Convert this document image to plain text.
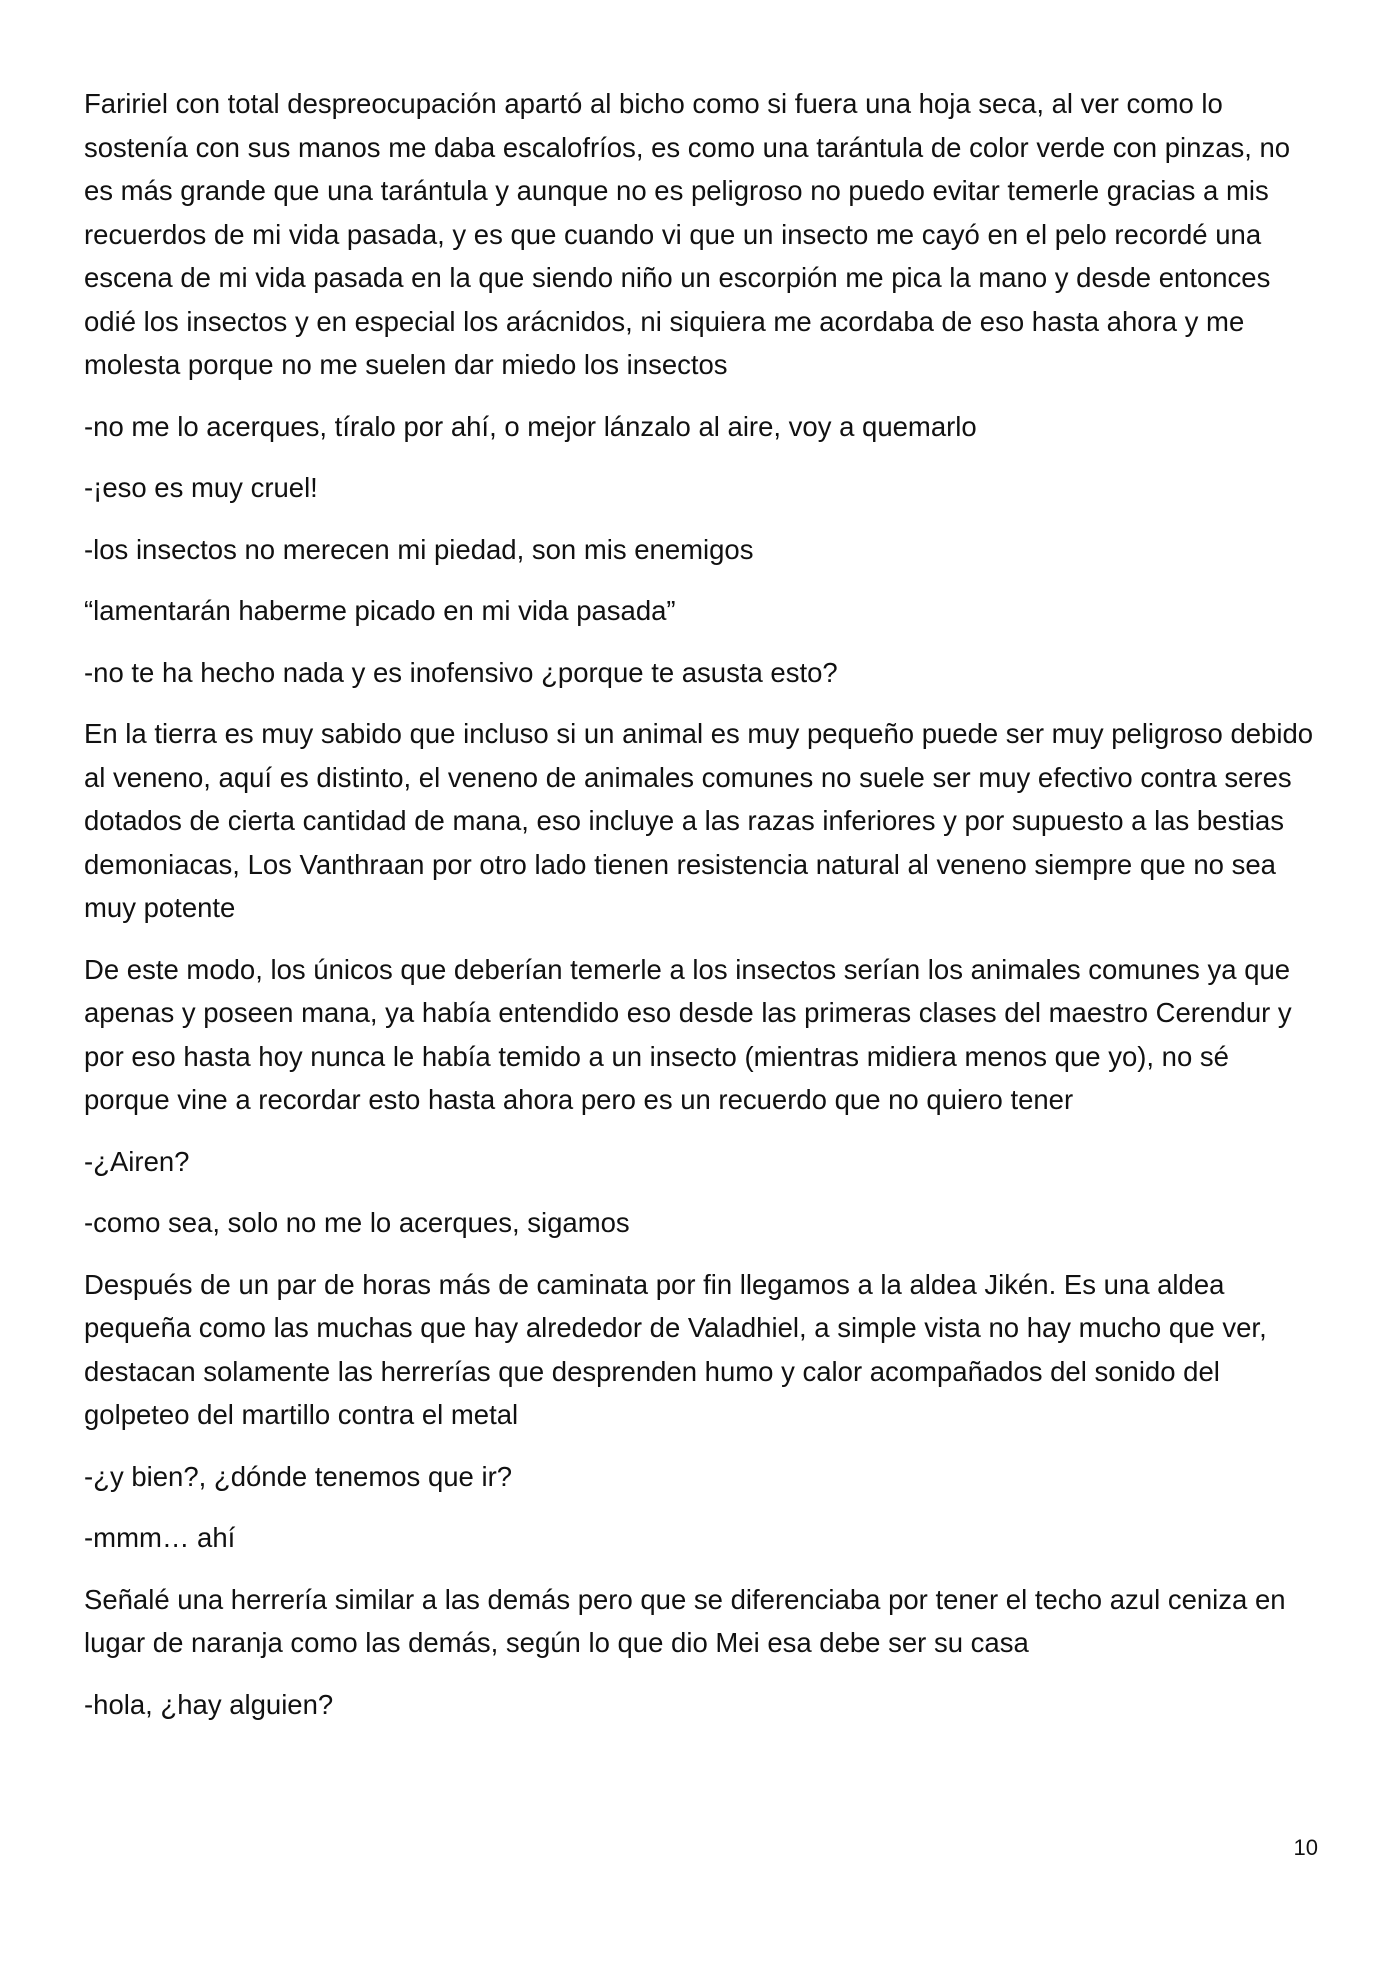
Faririel con total despreocupación apartó al bicho como si fuera una hoja seca, al ver como lo sostenía con sus manos me daba escalofríos, es como una tarántula de color verde con pinzas, no es más grande que una tarántula y aunque no es peligroso no puedo evitar temerle gracias a mis recuerdos de mi vida pasada, y es que cuando vi que un insecto me cayó en el pelo recordé una escena de mi vida pasada en la que siendo niño un escorpión me pica la mano y desde entonces odié los insectos y en especial los arácnidos, ni siquiera me acordaba de eso hasta ahora y me molesta porque no me suelen dar miedo los insectos

-no me lo acerques, tíralo por ahí, o mejor lánzalo al aire, voy a quemarlo

-¡eso es muy cruel!

-los insectos no merecen mi piedad, son mis enemigos

“lamentarán haberme picado en mi vida pasada”

-no te ha hecho nada y es inofensivo ¿porque te asusta esto?

En la tierra es muy sabido que incluso si un animal es muy pequeño puede ser muy peligroso debido al veneno, aquí es distinto, el veneno de animales comunes no suele ser muy efectivo contra seres dotados de cierta cantidad de mana, eso incluye a las razas inferiores y por supuesto a las bestias demoniacas, Los Vanthraan por otro lado tienen resistencia natural al veneno siempre que no sea muy potente

De este modo, los únicos que deberían temerle a los insectos serían los animales comunes ya que apenas y poseen mana, ya había entendido eso desde las primeras clases del maestro Cerendur y por eso hasta hoy nunca le había temido a un insecto (mientras midiera menos que yo), no sé porque vine a recordar esto hasta ahora pero es un recuerdo que no quiero tener

-¿Airen?

-como sea, solo no me lo acerques, sigamos

Después de un par de horas más de caminata por fin llegamos a la aldea Jikén. Es una aldea pequeña como las muchas que hay alrededor de Valadhiel, a simple vista no hay mucho que ver, destacan solamente las herrerías que desprenden humo y calor acompañados del sonido del golpeteo del martillo contra el metal

-¿y bien?, ¿dónde tenemos que ir?

-mmm… ahí

Señalé una herrería similar a las demás pero que se diferenciaba por tener el techo azul ceniza en lugar de naranja como las demás, según lo que dio Mei esa debe ser su casa

-hola, ¿hay alguien?

10
